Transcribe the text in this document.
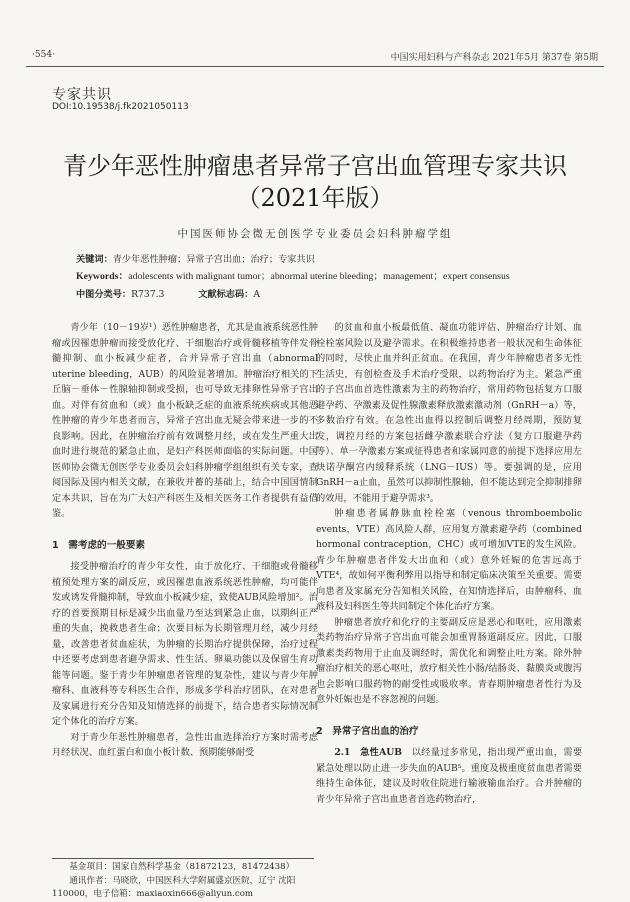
·554·	中国实用妇科与产科杂志 2021年5月 第37卷 第5期
专家共识
DOI:10.19538/j.fk2021050113
青少年恶性肿瘤患者异常子宫出血管理专家共识
（2021年版）
中国医师协会微无创医学专业委员会妇科肿瘤学组
关键词：青少年恶性肿瘤；异常子宫出血；治疗；专家共识
Keywords：adolescents with malignant tumor；abnormal uterine bleeding；management；expert consensus
中图分类号：R737.3	文献标志码：A

青少年（10－19岁¹）恶性肿瘤患者，尤其是血液系统恶性肿瘤或因罹患肿瘤而接受放化疗、干细胞治疗或骨髓移植等伴发骨髓抑制、血小板减少症者，合并异常子宫出血（abnormal uterine bleeding，AUB）的风险显著增加。肿瘤治疗相关的下丘脑－垂体－性腺轴抑制或受损，也可导致无排卵性异常子宫出血。对伴有贫血和（或）血小板缺乏症的血液系统疾病或其他恶性肿瘤的青少年患者而言，异常子宫出血无疑会带来进一步的不良影响。因此，在肿瘤治疗前有效调整月经，或在发生严重大出血时进行规范的紧急止血，是妇产科医师面临的实际问题。中国医师协会微无创医学专业委员会妇科肿瘤学组组织有关专家，查阅国际及国内相关文献，在兼收并蓄的基础上，结合中国国情制定本共识，旨在为广大妇产科医生及相关医务工作者提供有益借鉴。

1　需考虑的一般要素

接受肿瘤治疗的青少年女性，由于放化疗、干细胞或骨髓移植预处理方案的副反应，或因罹患血液系统恶性肿瘤，均可能伴发或诱发骨髓抑制，导致血小板减少症，致使AUB风险增加²。治疗的首要预期目标是减少出血量乃至达到紧急止血，以期纠正严重的失血，挽救患者生命；次要目标为长期管理月经，减少月经量，改善患者贫血症状，为肿瘤的长期治疗提供保障，治疗过程中还要考虑到患者避孕需求、性生活、卵巢功能以及保留生育功能等问题。鉴于青少年肿瘤患者管理的复杂性，建议与青少年肿瘤科、血液科等专科医生合作，形成多学科治疗团队，在对患者及家属进行充分告知及知情选择的前提下，结合患者实际情况制定个体化的治疗方案。

对于青少年恶性肿瘤患者，急性出血选择治疗方案时需考虑月经状况、血红蛋白和血小板计数、预期能够耐受

基金项目：国家自然科学基金（81872123，81472438）

通讯作者：马晓欣，中国医科大学附属盛京医院，辽宁 沈阳110000，电子信箱：maxiaoxin666@aliyun.com

的贫血和血小板最低值、凝血功能评估、肿瘤治疗计划、血栓栓塞风险以及避孕需求。在积极维持患者一般状况和生命体征的同时，尽快止血并纠正贫血。在我国，青少年肿瘤患者多无性生活史，有创检查及手术治疗受限，以药物治疗为主。紧急严重的子宫出血首选性激素为主的药物治疗，常用药物包括复方口服避孕药、孕激素及促性腺激素释放激素激动剂（GnRH－a）等，多数治疗有效。在急性出血得以控制后调整月经周期，预防复发，调控月经的方案包括雌孕激素联合疗法（复方口服避孕药等）、单一孕激素方案或征得患者和家属同意的前提下选择应用左炔诺孕酮宫内缓释系统（LNG－IUS）等。要强调的是，应用GnRH－a止血，虽然可以抑制性腺轴，但不能达到完全抑制排卵的效用，不能用于避孕需求³。

肿瘤患者属静脉血栓栓塞（venous thromboembolic events，VTE）高风险人群，应用复方激素避孕药（combined hormonal contraception，CHC）或可增加VTE的发生风险。青少年肿瘤患者伴发大出血和（或）意外妊娠的危害远高于VTE⁴，故如何平衡利弊用以指导和制定临床决策至关重要。需要向患者及家属充分告知相关风险，在知情选择后，由肿瘤科、血液科及妇科医生等共同制定个体化治疗方案。

肿瘤患者放疗和化疗的主要副反应是恶心和呕吐，应用激素类药物治疗异常子宫出血可能会加重胃肠道副反应。因此，口服激素类药物用于止血及调经时，需优化和调整止吐方案。除外肿瘤治疗相关的恶心呕吐，放疗相关性小肠/结肠炎、黏膜炎或腹泻也会影响口服药物的耐受性或吸收率。青春期肿瘤患者性行为及意外妊娠也是不容忽视的问题。

2　异常子宫出血的治疗

2.1　急性AUB　 以经量过多常见，指出现严重出血，需要紧急处理以防止进一步失血的AUB⁵。重度及极重度贫血患者需要维持生命体征，建议及时收住院进行输液输血治疗。合并肿瘤的青少年异常子宫出血患者首选药物治疗，
